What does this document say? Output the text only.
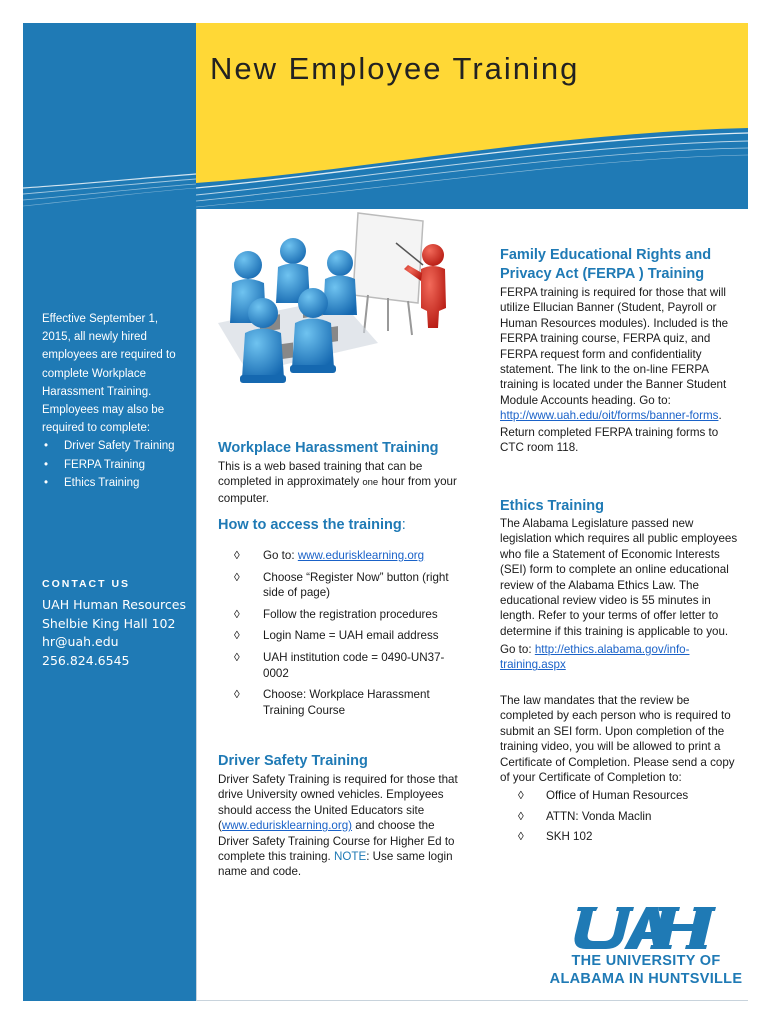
New Employee Training
Effective September 1,
2015, all newly hired
employees are required to
complete Workplace
Harassment Training.
Employees may also be
required to complete:
• Driver Safety Training
• FERPA Training
• Ethics Training
CONTACT US
UAH Human Resources
Shelbie King Hall 102
hr@uah.edu
256.824.6545
Workplace Harassment Training
This is a web based training that can be completed in approximately one hour from your computer.
How to access the training:
◊ Go to: www.edurisklearning.org
◊ Choose “Register Now” button (right side of page)
◊ Follow the registration procedures
◊ Login Name = UAH email address
◊ UAH institution code = 0490-UN37-0002
◊ Choose: Workplace Harassment Training Course
Driver Safety Training
Driver Safety Training is required for those that drive University owned vehicles. Employees should access the United Educators site (www.edurisklearning.org) and choose the Driver Safety Training Course for Higher Ed to complete this training. NOTE: Use same login name and code.
Family Educational Rights and
Privacy Act (FERPA ) Training
FERPA training is required for those that will utilize Ellucian Banner (Student, Payroll or Human Resources modules). Included is the FERPA training course, FERPA quiz, and FERPA request form and confidentiality statement. The link to the on-line FERPA training is located under the Banner Student Module Accounts heading. Go to:
http://www.uah.edu/oit/forms/banner-forms.
Return completed FERPA training forms to CTC room 118.
Ethics Training
The Alabama Legislature passed new legislation which requires all public employees who file a Statement of Economic Interests (SEI) form to complete an online educational review of the Alabama Ethics Law. The educational review video is 55 minutes in length. Refer to your terms of offer letter to determine if this training is applicable to you.
Go to: http://ethics.alabama.gov/info-training.aspx
The law mandates that the review be completed by each person who is required to submit an SEI form. Upon completion of the training video, you will be allowed to print a Certificate of Completion. Please send a copy of your Certificate of Completion to:
◊ Office of Human Resources
◊ ATTN: Vonda Maclin
◊ SKH 102
THE UNIVERSITY OF
ALABAMA IN HUNTSVILLE
